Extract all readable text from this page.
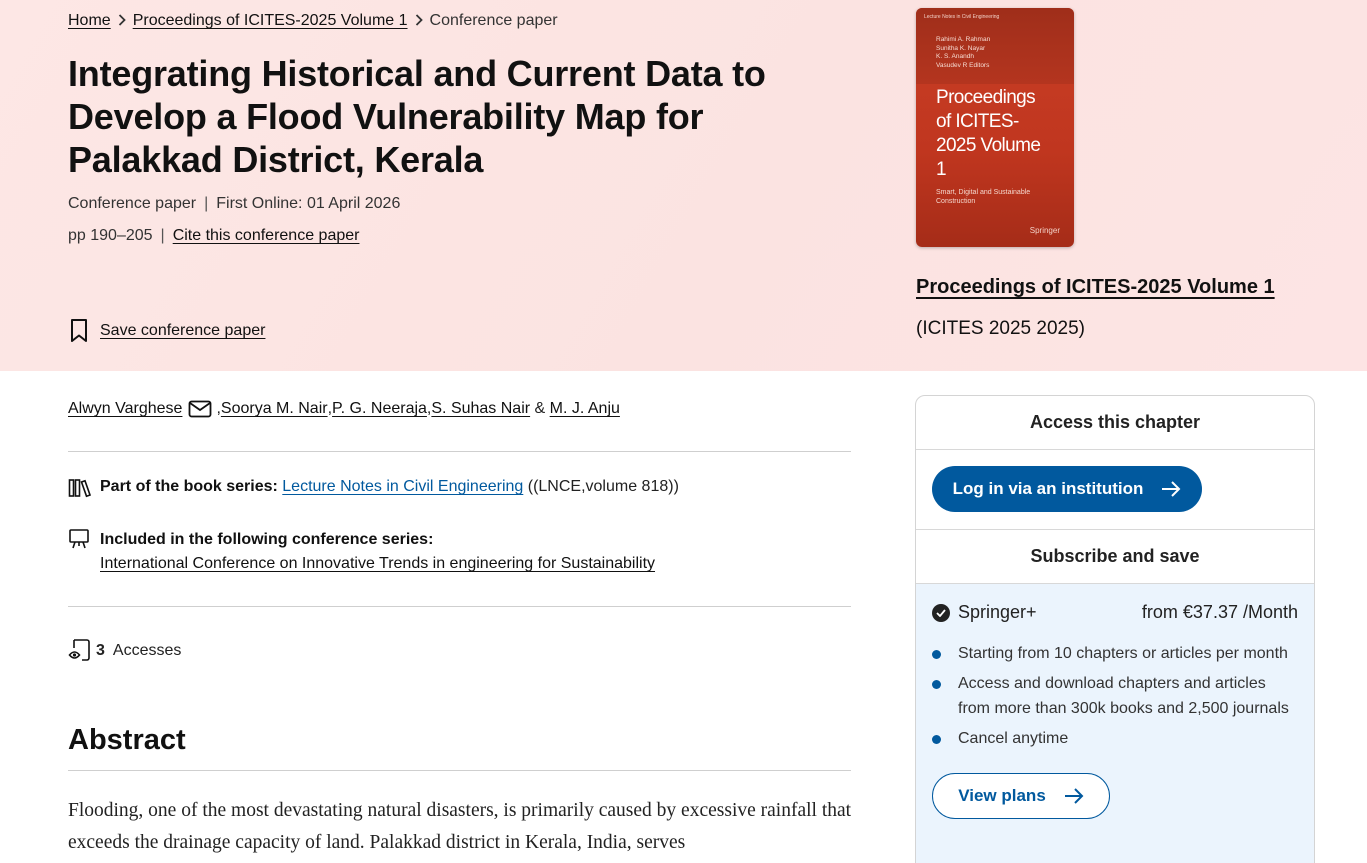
Home Proceedings of ICITES-2025 Volume 1 Conference paper
Integrating Historical and Current Data to Develop a Flood Vulnerability Map for Palakkad District, Kerala
Conference paper | First Online: 01 April 2026
pp 190–205 | Cite this conference paper
Save conference paper
Lecture Notes in Civil Engineering
Rahimi A. Rahman
Sunitha K. Nayar
K. S. Anandh
Vasudev R Editors
Proceedings of ICITES-2025 Volume 1
Smart, Digital and Sustainable Construction
Springer
Proceedings of ICITES-2025 Volume 1
(ICITES 2025 2025)
Alwyn Varghese , Soorya M. Nair , P. G. Neeraja , S. Suhas Nair & M. J. Anju
Part of the book series: Lecture Notes in Civil Engineering ((LNCE,volume 818))
Included in the following conference series:
International Conference on Innovative Trends in engineering for Sustainability
3 Accesses
Abstract

Flooding, one of the most devastating natural disasters, is primarily caused by excessive rainfall that exceeds the drainage capacity of land. Palakkad district in Kerala, India, serves

Access this chapter
Log in via an institution
Subscribe and save
Springer+	from €37.37 /Month
Starting from 10 chapters or articles per month
Access and download chapters and articles from more than 300k books and 2,500 journals
Cancel anytime
View plans
